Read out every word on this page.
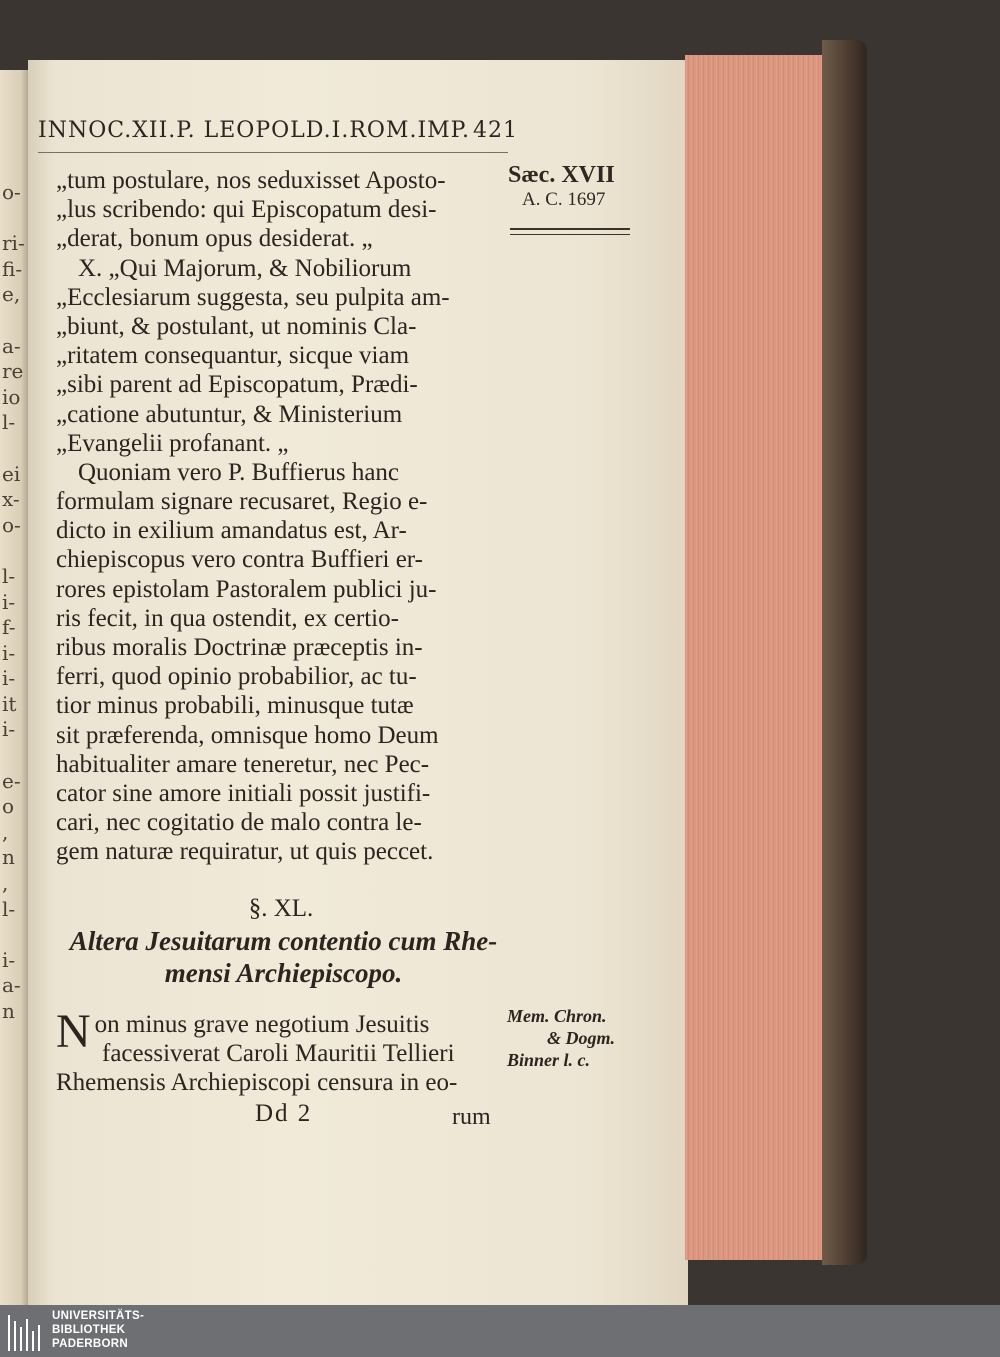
o-
ri-
fi-
e,
a-
re
io
l-
ei
x-
o-
l-
i-
f-
i-
i-
it
i-
e-
o
,
n
,
l-
i-
a-
n
INNOC.XII.P. LEOPOLD.I.ROM.IMP. 421
Sæc. XVII
A. C. 1697
„tum postulare, nos seduxisset Aposto-
„lus scribendo: qui Episcopatum desi-
„derat, bonum opus desiderat. „
X. „Qui Majorum, & Nobiliorum
„Ecclesiarum suggesta, seu pulpita am-
„biunt, & postulant, ut nominis Cla-
„ritatem consequantur, sicque viam
„sibi parent ad Episcopatum, Prædi-
„catione abutuntur, & Ministerium
„Evangelii profanant. „
Quoniam vero P. Buffierus hanc
formulam signare recusaret, Regio e-
dicto in exilium amandatus est, Ar-
chiepiscopus vero contra Buffieri er-
rores epistolam Pastoralem publici ju-
ris fecit, in qua ostendit, ex certio-
ribus moralis Doctrinæ præceptis in-
ferri, quod opinio probabilior, ac tu-
tior minus probabili, minusque tutæ
sit præferenda, omnisque homo Deum
habitualiter amare teneretur, nec Pec-
cator sine amore initiali possit justifi-
cari, nec cogitatio de malo contra le-
gem naturæ requiratur, ut quis peccet.
§. XL.
Altera Jesuitarum contentio cum Rhe-
mensi Archiepiscopo.
N on minus grave negotium Jesuitis
facessiverat Caroli Mauritii Tellieri
Rhemensis Archiepiscopi censura in eo-
Mem. Chron.
& Dogm.
Binner l. c.
Dd 2	rum
UNIVERSITÄTS-
BIBLIOTHEK
PADERBORN
